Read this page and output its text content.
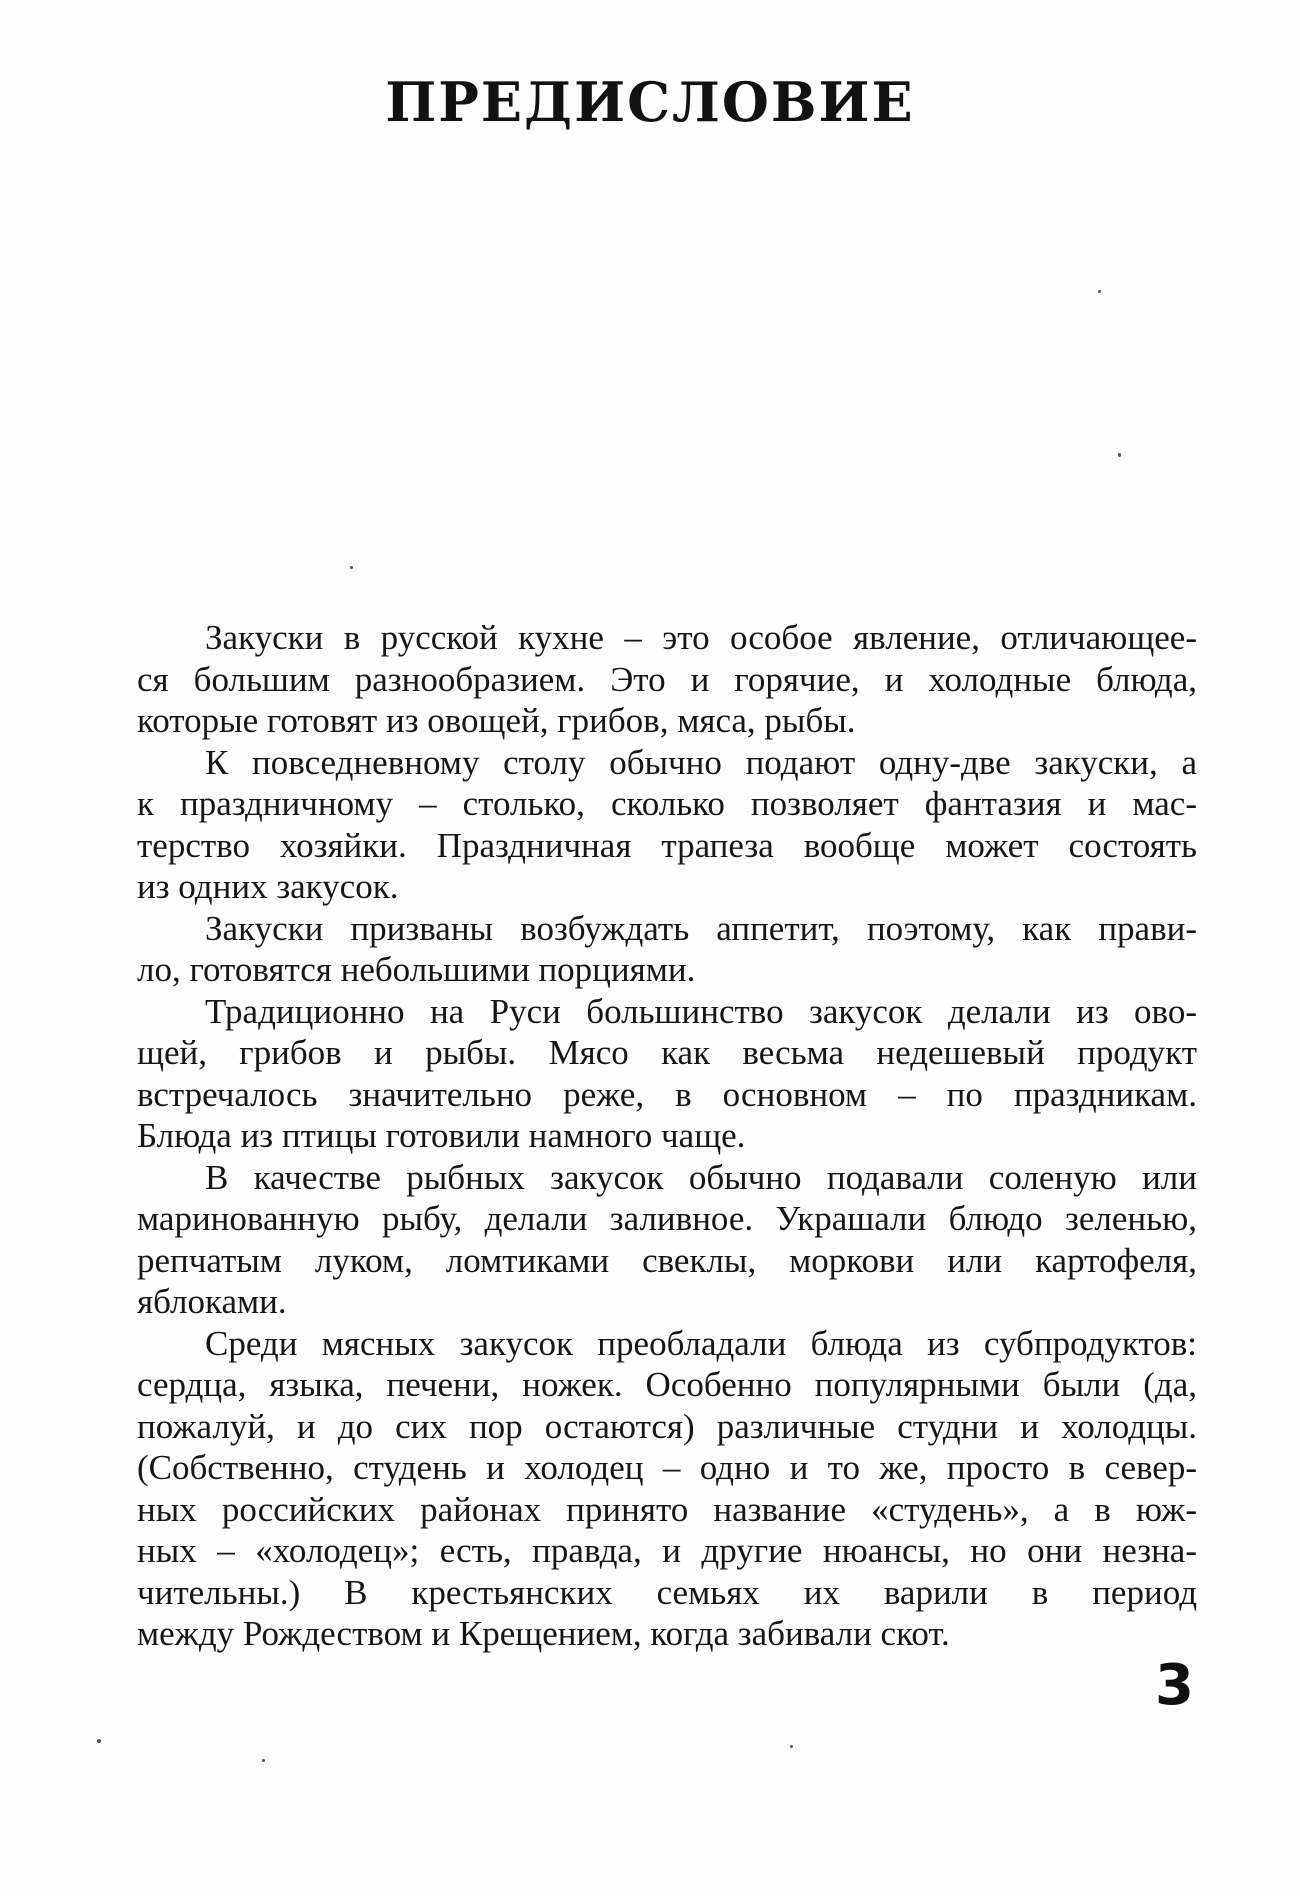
ПРЕДИСЛОВИЕ

Закуски в русской кухне – это особое явление, отличающее-
ся большим разнообразием. Это и горячие, и холодные блюда,
которые готовят из овощей, грибов, мяса, рыбы.

К повседневному столу обычно подают одну-две закуски, а
к праздничному – столько, сколько позволяет фантазия и мас-
терство хозяйки. Праздничная трапеза вообще может состоять
из одних закусок.

Закуски призваны возбуждать аппетит, поэтому, как прави-
ло, готовятся небольшими порциями.

Традиционно на Руси большинство закусок делали из ово-
щей, грибов и рыбы. Мясо как весьма недешевый продукт
встречалось значительно реже, в основном – по праздникам.
Блюда из птицы готовили намного чаще.

В качестве рыбных закусок обычно подавали соленую или
маринованную рыбу, делали заливное. Украшали блюдо зеленью,
репчатым луком, ломтиками свеклы, моркови или картофеля,
яблоками.

Среди мясных закусок преобладали блюда из субпродуктов:
сердца, языка, печени, ножек. Особенно популярными были (да,
пожалуй, и до сих пор остаются) различные студни и холодцы.
(Собственно, студень и холодец – одно и то же, просто в север-
ных российских районах принято название «студень», а в юж-
ных – «холодец»; есть, правда, и другие нюансы, но они незна-
чительны.) В крестьянских семьях их варили в период
между Рождеством и Крещением, когда забивали скот.

3
